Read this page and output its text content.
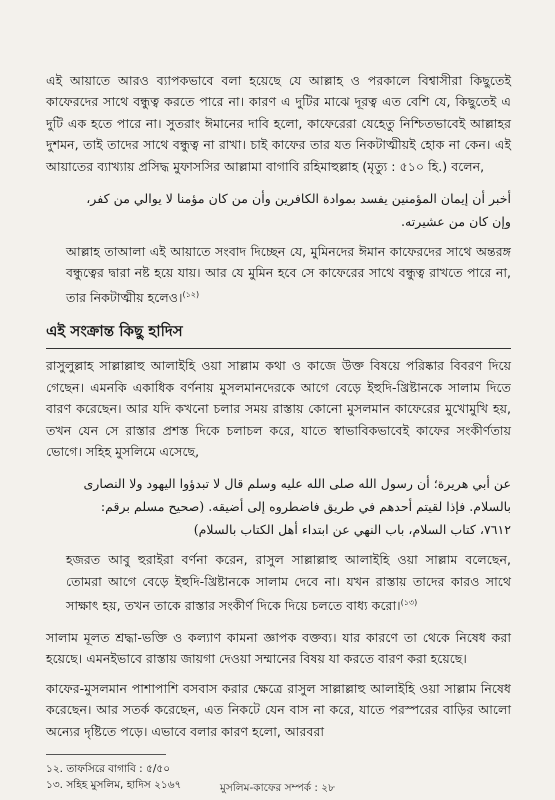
এই আয়াতে আরও ব্যাপকভাবে বলা হয়েছে যে আল্লাহ ও পরকালে বিশ্বাসীরা কিছুতেই কাফেরদের সাথে বন্ধুত্ব করতে পারে না। কারণ এ দুটির মাঝে দূরত্ব এত বেশি যে, কিছুতেই এ দুটি এক হতে পারে না। সুতরাং ঈমানের দাবি হলো, কাফেরেরা যেহেতু নিশ্চিতভাবেই আল্লাহর দুশমন, তাই তাদের সাথে বন্ধুত্ব না রাখা। চাই কাফের তার যত নিকটাত্মীয়ই হোক না কেন। এই আয়াতের ব্যাখ্যায় প্রসিদ্ধ মুফাসসির আল্লামা বাগাবি রহিমাহুল্লাহ (মৃত্যু : ৫১০ হি.) বলেন,

أخبر أن إيمان المؤمنين يفسد بموادة الكافرين وأن من كان مؤمنا لا يوالي من كفر، وإن كان من عشيرته.

আল্লাহ তাআলা এই আয়াতে সংবাদ দিচ্ছেন যে, মুমিনদের ঈমান কাফেরদের সাথে অন্তরঙ্গ বন্ধুত্বের দ্বারা নষ্ট হয়ে যায়। আর যে মুমিন হবে সে কাফেরের সাথে বন্ধুত্ব রাখতে পারে না, তার নিকটাত্মীয় হলেও।$^{(১২)}$

এই সংক্রান্ত কিছু হাদিস

রাসুলুল্লাহ সাল্লাল্লাহু আলাইহি ওয়া সাল্লাম কথা ও কাজে উক্ত বিষয়ে পরিষ্কার বিবরণ দিয়ে গেছেন। এমনকি একাধিক বর্ণনায় মুসলমানদেরকে আগে বেড়ে ইহুদি-খ্রিষ্টানকে সালাম দিতে বারণ করেছেন। আর যদি কখনো চলার সময় রাস্তায় কোনো মুসলমান কাফেরের মুখোমুখি হয়, তখন যেন সে রাস্তার প্রশস্ত দিকে চলাচল করে, যাতে স্বাভাবিকভাবেই কাফের সংকীর্ণতায় ভোগে। সহিহ মুসলিমে এসেছে,

عن أبي هريرة؛ أن رسول الله صلى الله عليه وسلم قال لا تبدؤوا اليهود ولا النصارى بالسلام. فإذا لقيتم أحدهم في طريق فاضطروه إلى أضيقه. (صحيح مسلم برقم: ٧٦١٢، كتاب السلام، باب النهي عن ابتداء أهل الكتاب بالسلام)

হজরত আবু হুরাইরা বর্ণনা করেন, রাসুল সাল্লাল্লাহু আলাইহি ওয়া সাল্লাম বলেছেন, তোমরা আগে বেড়ে ইহুদি-খ্রিষ্টানকে সালাম দেবে না। যখন রাস্তায় তাদের কারও সাথে সাক্ষাৎ হয়, তখন তাকে রাস্তার সংকীর্ণ দিকে দিয়ে চলতে বাধ্য করো।$^{(১৩)}$

সালাম মূলত শ্রদ্ধা-ভক্তি ও কল্যাণ কামনা জ্ঞাপক বক্তব্য। যার কারণে তা থেকে নিষেধ করা হয়েছে। এমনইভাবে রাস্তায় জায়গা দেওয়া সম্মানের বিষয় যা করতে বারণ করা হয়েছে।

কাফের-মুসলমান পাশাপাশি বসবাস করার ক্ষেত্রে রাসুল সাল্লাল্লাহু আলাইহি ওয়া সাল্লাম নিষেধ করেছেন। আর সতর্ক করেছেন, এত নিকটে যেন বাস না করে, যাতে পরস্পরের বাড়ির আলো অন্যের দৃষ্টিতে পড়ে। এভাবে বলার কারণ হলো, আরবরা

১২. তাফসিরে বাগাবি : ৫/৫০

১৩. সহিহ মুসলিম, হাদিস ২১৬৭	মুসলিম-কাফের সম্পর্ক : ২৮
